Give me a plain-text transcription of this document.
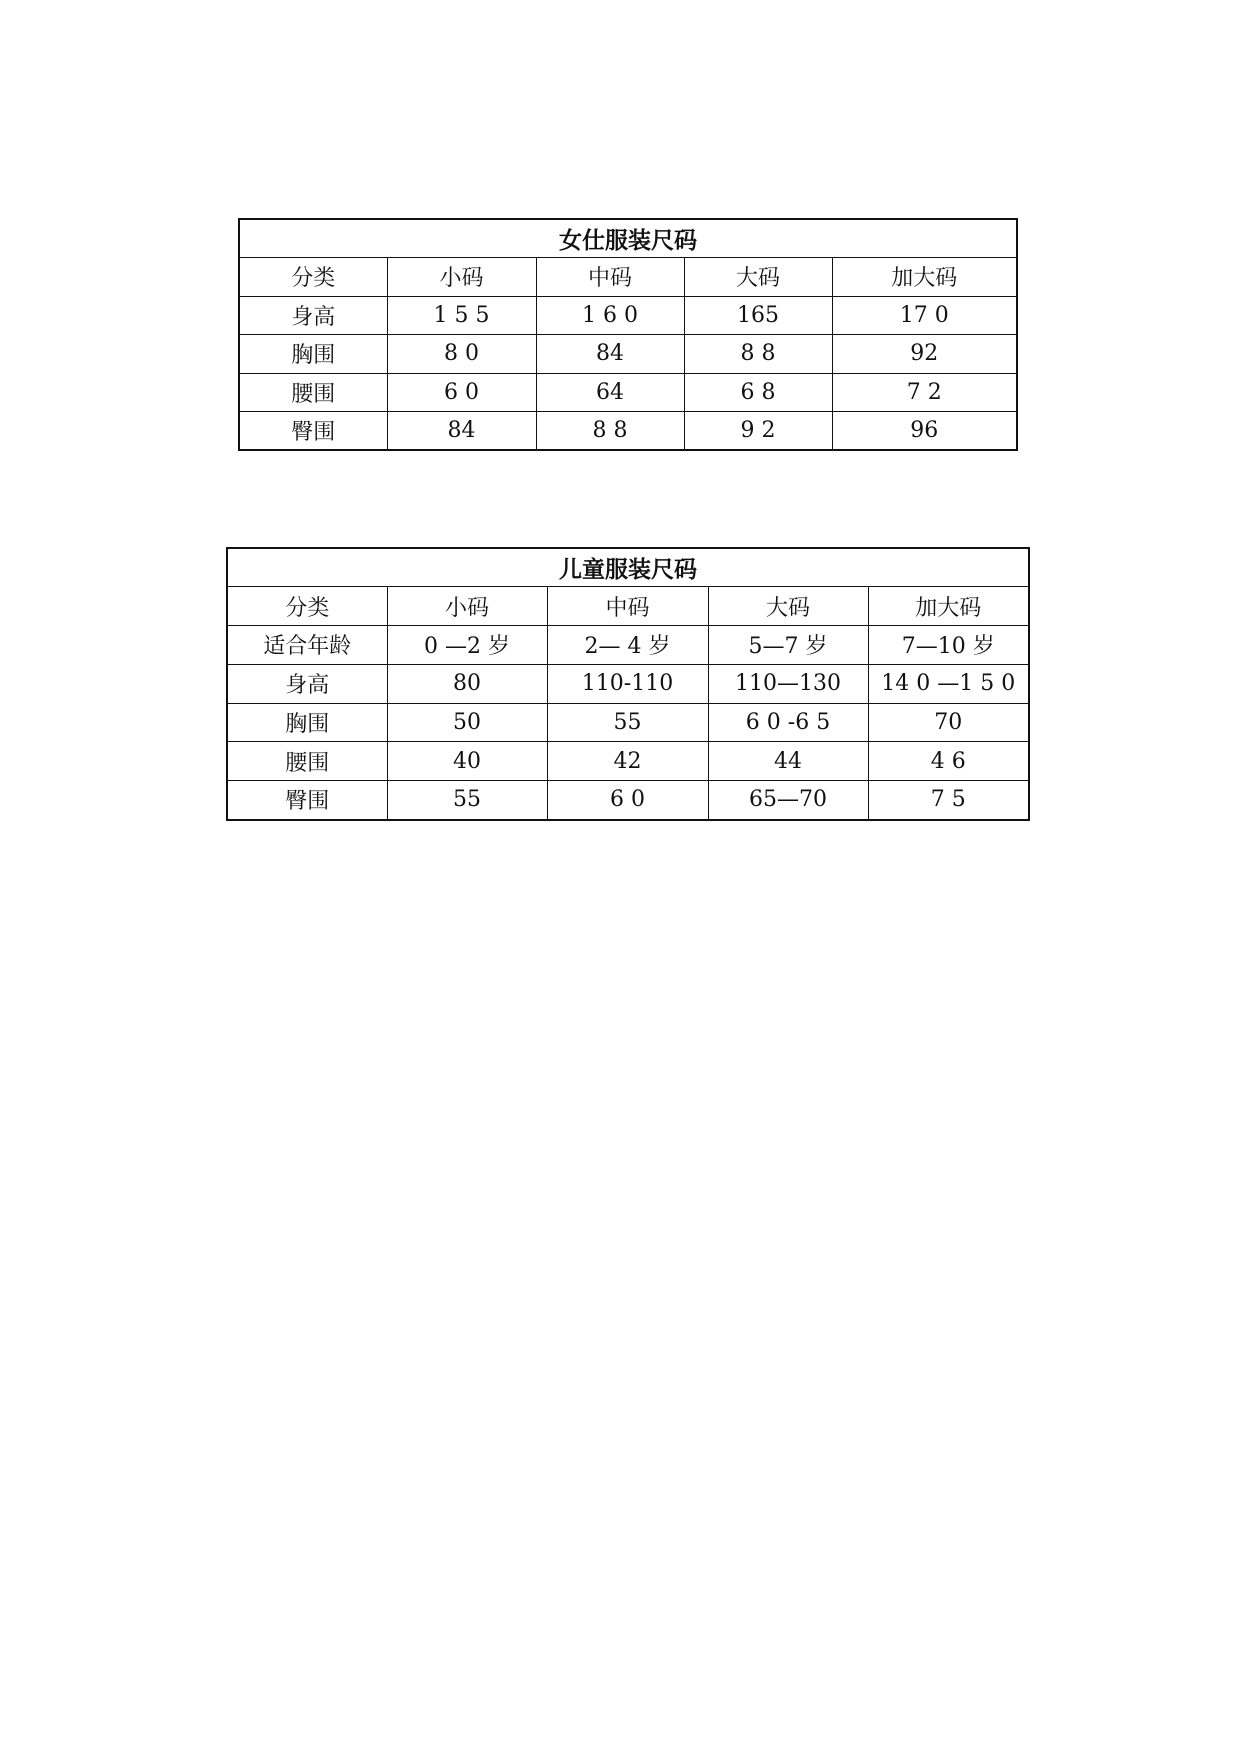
女仕服装尺码				
分类	小码	中码	大码	加大码
身高	1 5 5	1 6 0	165	17 0
胸围	8 0	84	8 8	92
腰围	6 0	64	6 8	7 2
臀围	84	8 8	9 2	96
儿童服装尺码				
分类	小码	中码	大码	加大码
适合年龄	0 —2 岁	2— 4 岁	5—7 岁	7—10 岁
身高	80	110-110	110—130	14 0 —1 5 0
胸围	50	55	6 0 -6 5	70
腰围	40	42	44	4 6
臀围	55	6 0	65—70	7 5
